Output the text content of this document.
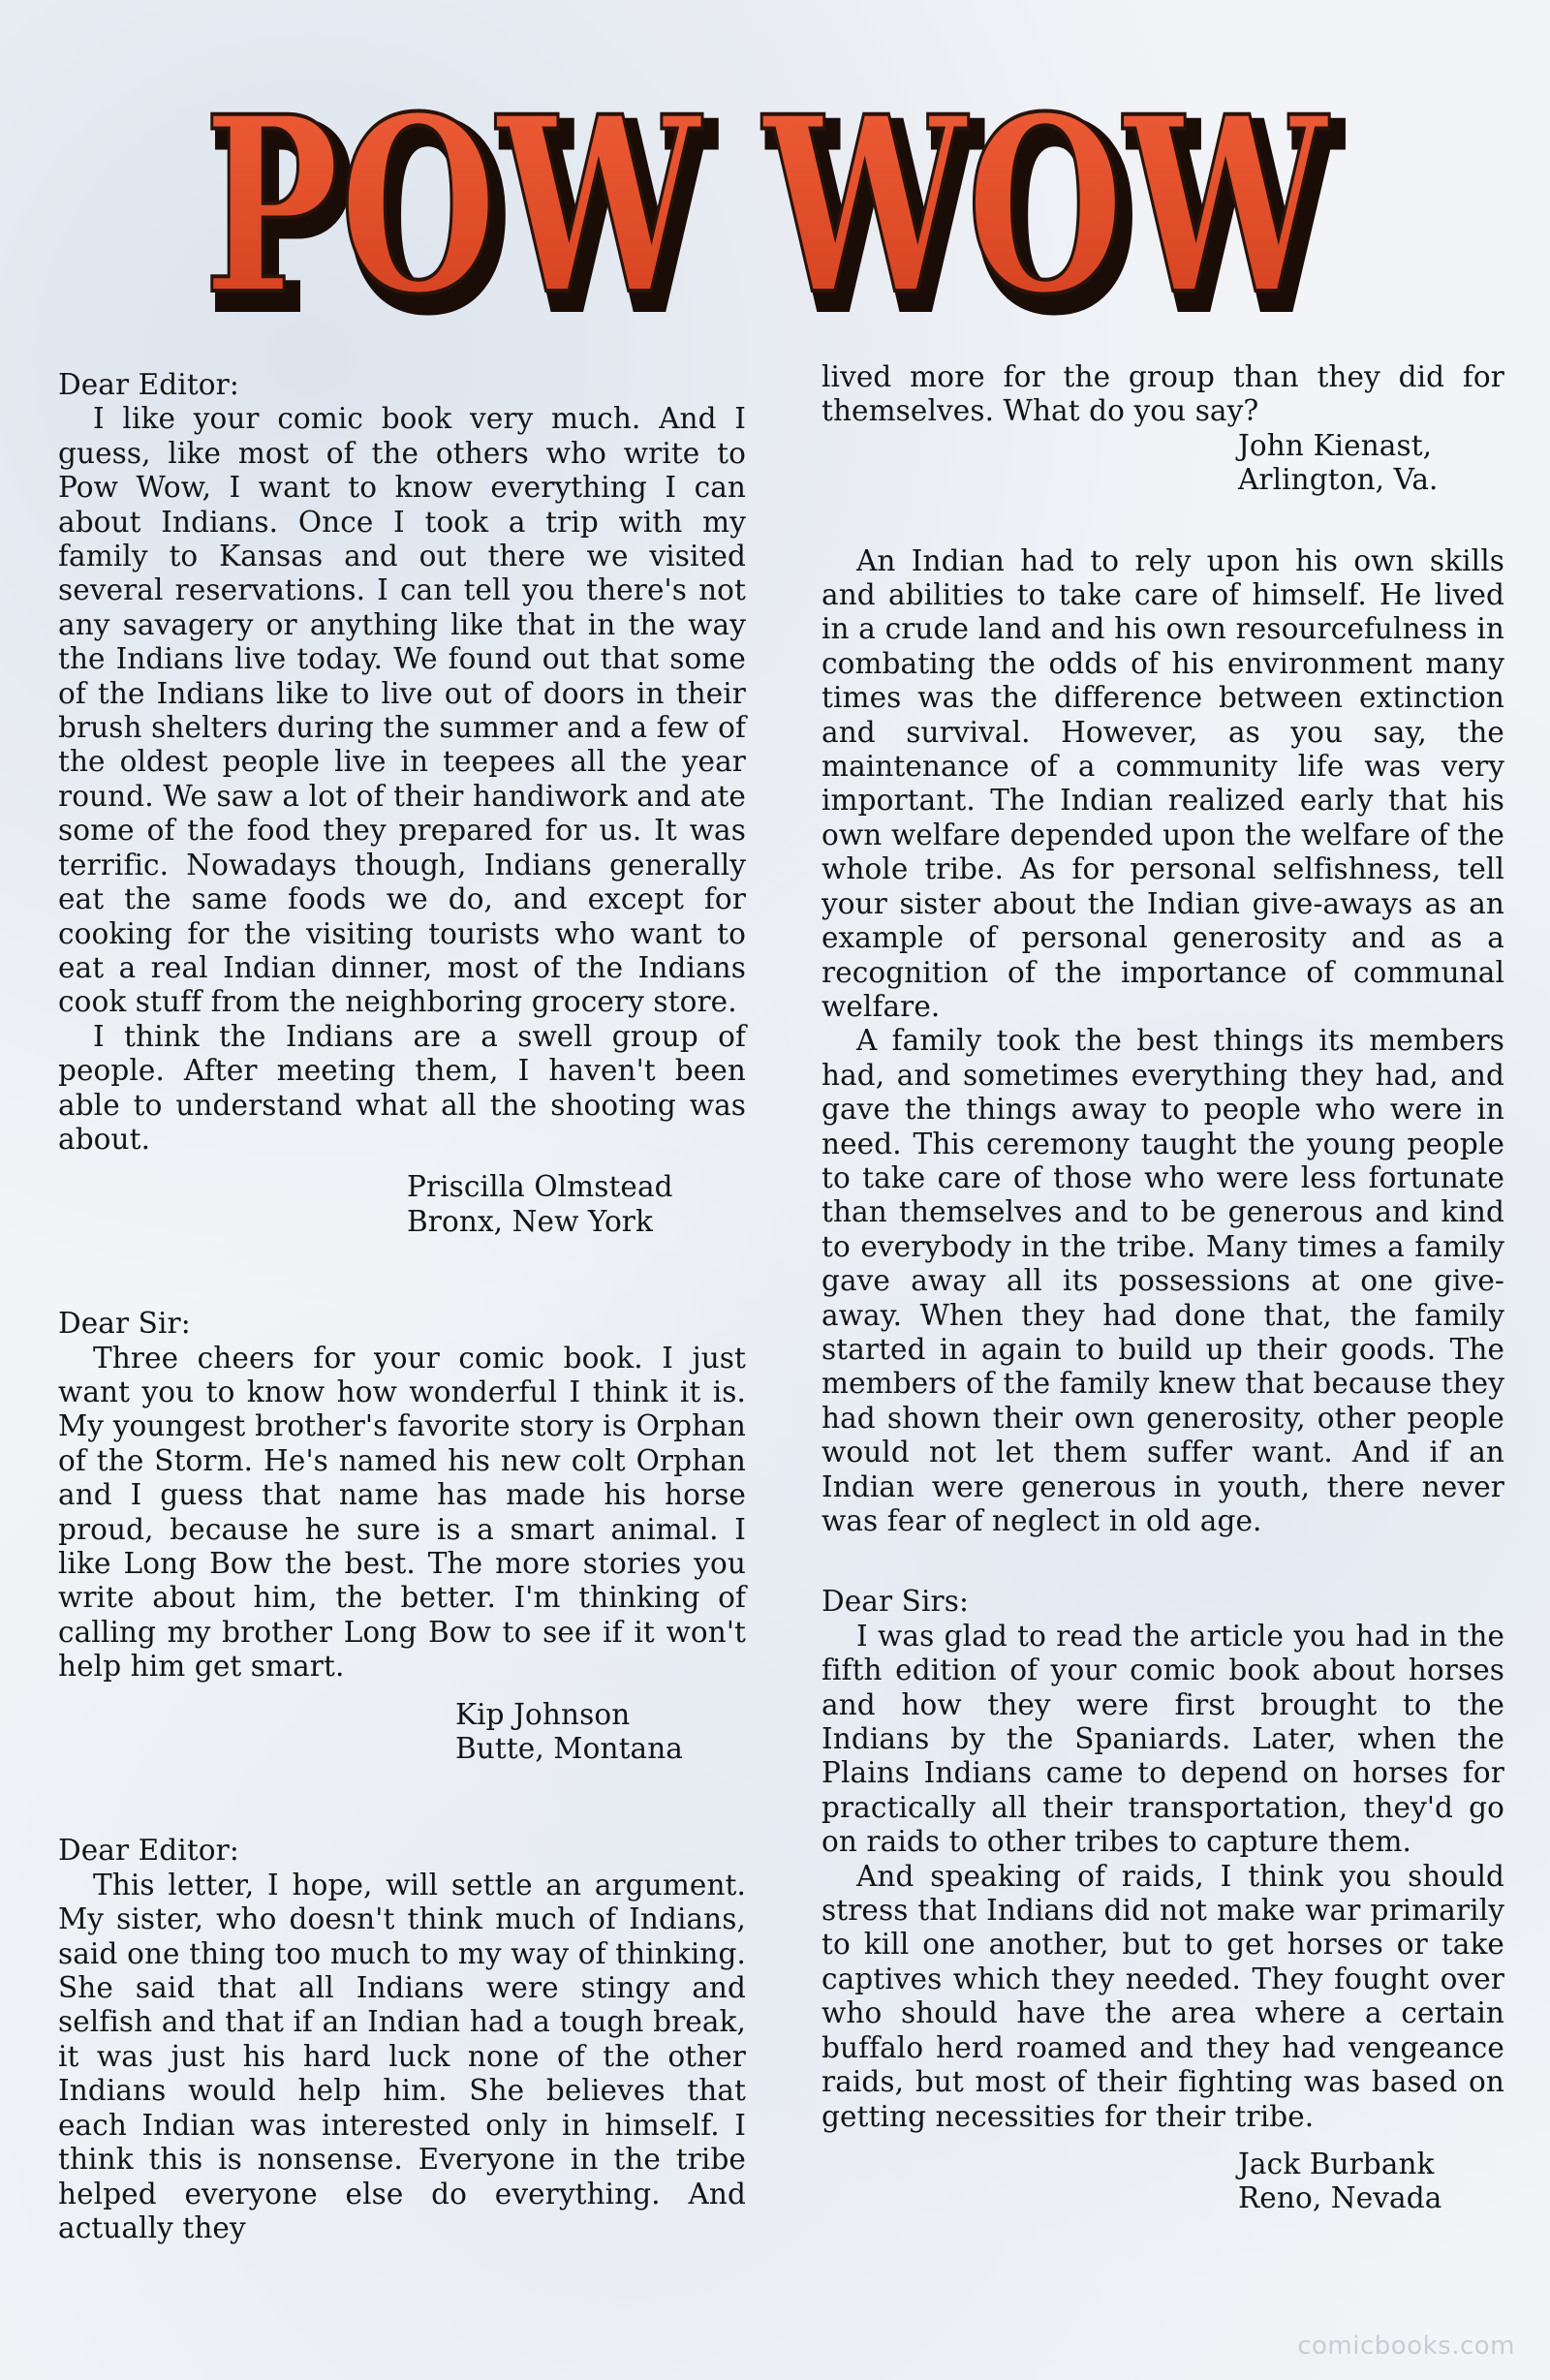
POW WOW
POW WOW

Dear Editor:

I like your comic book very much. And I guess, like most of the others who write to Pow Wow, I want to know everything I can about Indians. Once I took a trip with my family to Kansas and out there we visited several reservations. I can tell you there's not any savagery or anything like that in the way the Indians live today. We found out that some of the Indians like to live out of doors in their brush shelters during the summer and a few of the oldest people live in teepees all the year round. We saw a lot of their handiwork and ate some of the food they prepared for us. It was terrific. Nowadays though, Indians generally eat the same foods we do, and except for cooking for the visiting tourists who want to eat a real Indian dinner, most of the Indians cook stuff from the neighboring grocery store.

I think the Indians are a swell group of people. After meeting them, I haven't been able to understand what all the shooting was about.

Priscilla Olmstead

Bronx, New York

Dear Sir:

Three cheers for your comic book. I just want you to know how wonderful I think it is. My youngest brother's favorite story is Orphan of the Storm. He's named his new colt Orphan and I guess that name has made his horse proud, because he sure is a smart animal. I like Long Bow the best. The more stories you write about him, the better. I'm thinking of calling my brother Long Bow to see if it won't help him get smart.

Kip Johnson

Butte, Montana

Dear Editor:

This letter, I hope, will settle an argument. My sister, who doesn't think much of Indians, said one thing too much to my way of thinking. She said that all Indians were stingy and selfish and that if an Indian had a tough break, it was just his hard luck none of the other Indians would help him. She believes that each Indian was interested only in himself. I think this is nonsense. Everyone in the tribe helped everyone else do everything. And actually they

lived more for the group than they did for themselves. What do you say?

John Kienast,

Arlington, Va.

An Indian had to rely upon his own skills and abilities to take care of himself. He lived in a crude land and his own resourcefulness in combating the odds of his environment many times was the difference between extinction and survival. However, as you say, the maintenance of a community life was very important. The Indian realized early that his own welfare depended upon the welfare of the whole tribe. As for personal selfishness, tell your sister about the Indian give-aways as an example of personal generosity and as a recognition of the importance of communal welfare.

A family took the best things its members had, and sometimes everything they had, and gave the things away to people who were in need. This ceremony taught the young people to take care of those who were less fortunate than themselves and to be generous and kind to everybody in the tribe. Many times a family gave away all its possessions at one give-away. When they had done that, the family started in again to build up their goods. The members of the family knew that because they had shown their own generosity, other people would not let them suffer want. And if an Indian were generous in youth, there never was fear of neglect in old age.

Dear Sirs:

I was glad to read the article you had in the fifth edition of your comic book about horses and how they were first brought to the Indians by the Spaniards. Later, when the Plains Indians came to depend on horses for practically all their transportation, they'd go on raids to other tribes to capture them.

And speaking of raids, I think you should stress that Indians did not make war primarily to kill one another, but to get horses or take captives which they needed. They fought over who should have the area where a certain buffalo herd roamed and they had vengeance raids, but most of their fighting was based on getting necessities for their tribe.

Jack Burbank

Reno, Nevada

comicbooks.com
